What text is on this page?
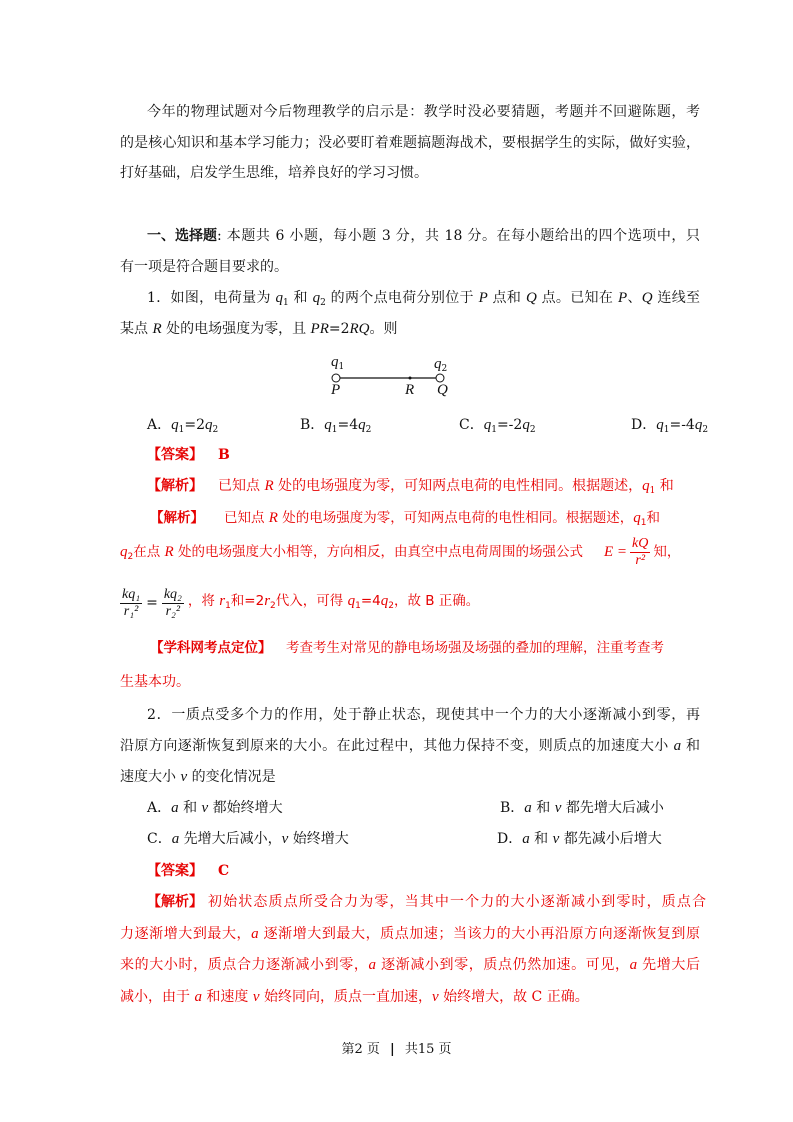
今年的物理试题对今后物理教学的启示是：教学时没必要猜题，考题并不回避陈题，考
的是核心知识和基本学习能力；没必要盯着难题搞题海战术，要根据学生的实际，做好实验，
打好基础，启发学生思维，培养良好的学习习惯。
一、选择题 : 本题共 6 小题，每小题 3 分，共 18 分。在每小题给出的四个选项中，只
有一项是符合题目要求的。
1．如图，电荷量为 $q_1$ 和 $q_2$ 的两个点电荷分别位于 P 点和 Q 点。已知在 P、Q 连线至
某点 R 处的电场强度为零，且 PR=2RQ。则
$q_1$	$q_2$
P	R Q
A．$q_1=2q_2$	B．$q_1=4q_2$	C．$q_1=-2q_2$	D．$q_1=-4q_2$
【答案】 B
【解析】 已知点 R 处的电场强度为零，可知两点电荷的电性相同。根据题述，$q_1$ 和
【解析】 已知点 R 处的电场强度为零，可知两点电荷的电性相同。根据题述，$q_1$和
$q_2$在点 R 处的电场强度大小相等，方向相反，由真空中点电荷周围的场强公式 $E = \frac{kQ}{\text{r²}}$ 知，
$\frac{\text{kq₁}}{\text{r₁²}} = \frac{\text{kq₂}}{\text{r₂²}}$ ，将 $r_1$和$=2r_2$代入，可得 $q_1=4q_2$，故 B 正确。
【学科网考点定位】 考查考生对常见的静电场场强及场强的叠加的理解，注重考查考
生基本功。
2．一质点受多个力的作用，处于静止状态，现使其中一个力的大小逐渐减小到零，再
沿原方向逐渐恢复到原来的大小。在此过程中，其他力保持不变，则质点的加速度大小 a 和
速度大小 v 的变化情况是
A．a 和 v 都始终增大	B．a 和 v 都先增大后减小
C．a 先增大后减小，v 始终增大	D．a 和 v 都先减小后增大
【答案】 C
【解析】 初始状态质点所受合力为零，当其中一个力的大小逐渐减小到零时，质点合
力逐渐增大到最大，a 逐渐增大到最大，质点加速；当该力的大小再沿原方向逐渐恢复到原
来的大小时，质点合力逐渐减小到零，a 逐渐减小到零，质点仍然加速。可见，a 先增大后
减小，由于 a 和速度 v 始终同向，质点一直加速，v 始终增大，故 C 正确。
第2 页 | 共15 页
